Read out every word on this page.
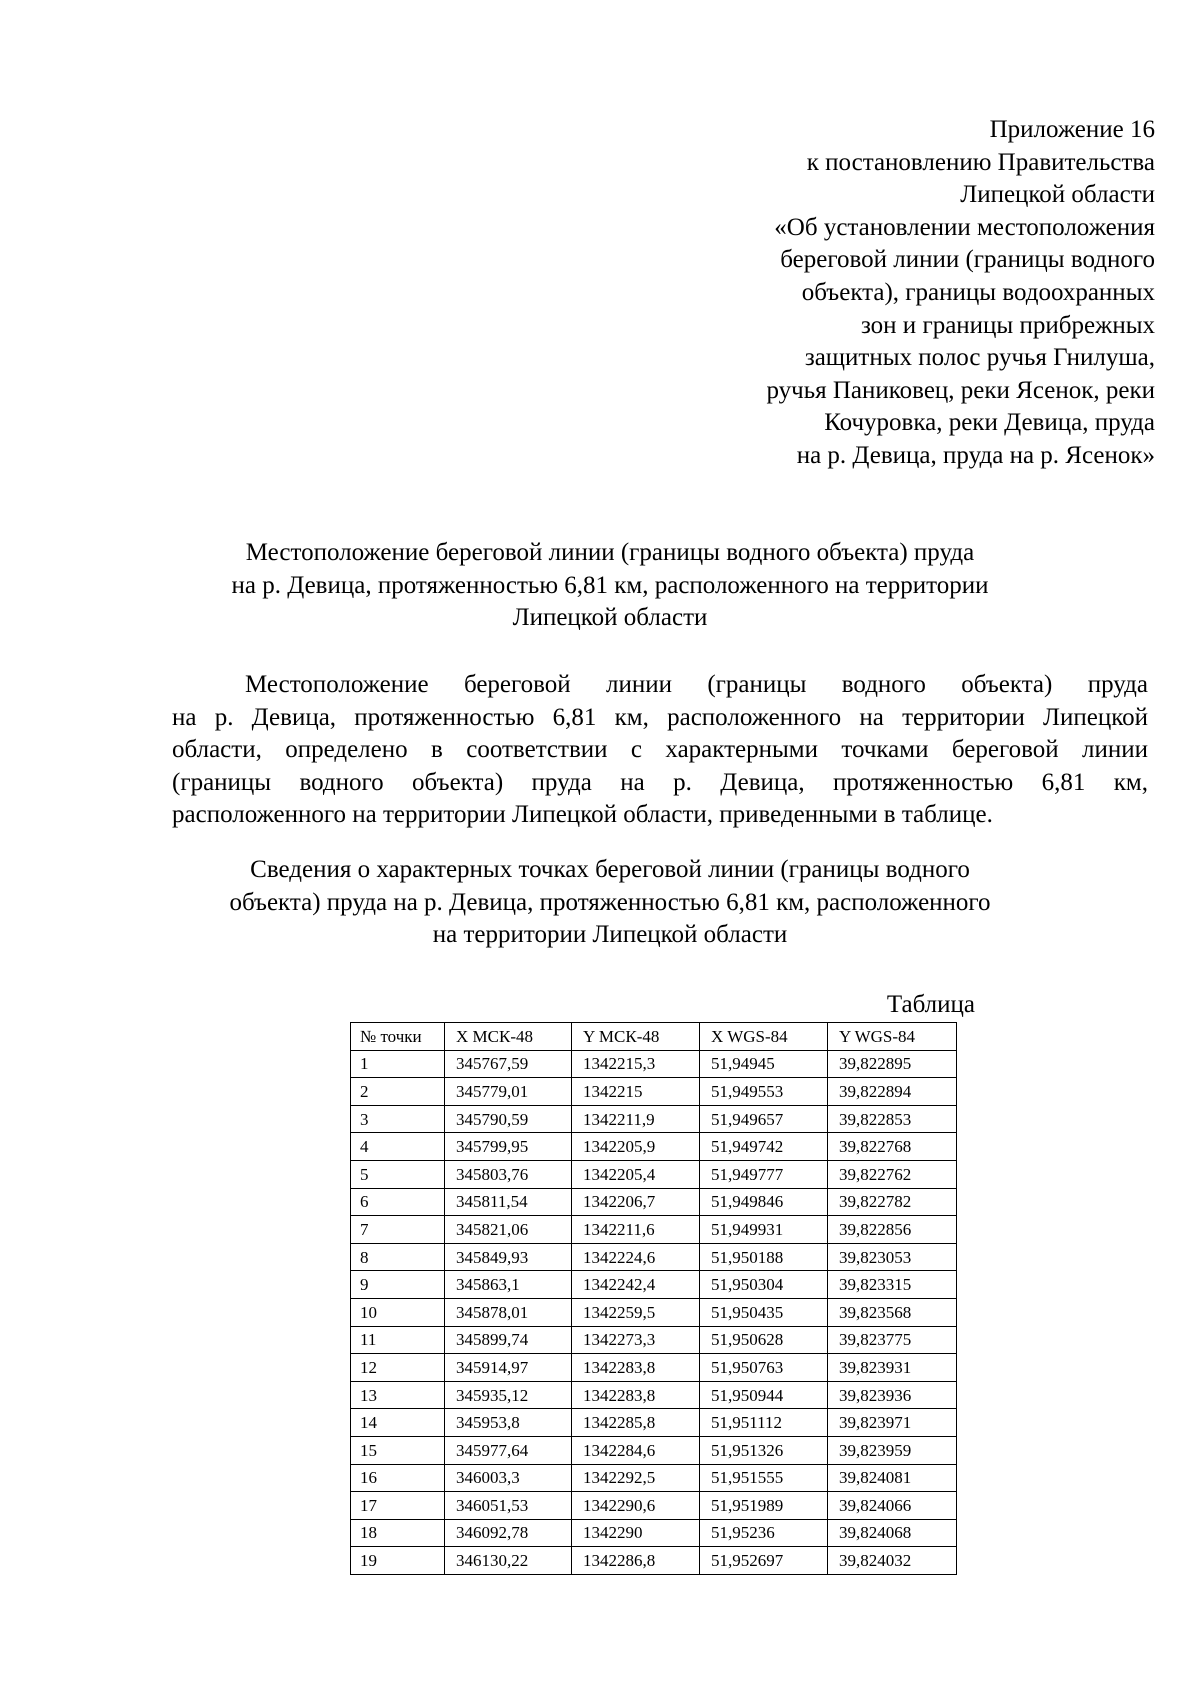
Приложение 16
к постановлению Правительства
Липецкой области
«Об установлении местоположения
береговой линии (границы водного
объекта), границы водоохранных
зон и границы прибрежных
защитных полос ручья Гнилуша,
ручья Паниковец, реки Ясенок, реки
Кочуровка, реки Девица, пруда
на р. Девица, пруда на р. Ясенок»
Местоположение береговой линии (границы водного объекта) пруда
на р. Девица, протяженностью 6,81 км, расположенного на территории
Липецкой области
Местоположение береговой линии (границы водного объекта) пруда
на р. Девица, протяженностью 6,81 км, расположенного на территории Липецкой
области, определено в соответствии с характерными точками береговой линии
(границы водного объекта) пруда на р. Девица, протяженностью 6,81 км,
расположенного на территории Липецкой области, приведенными в таблице.
Сведения о характерных точках береговой линии (границы водного
объекта) пруда на р. Девица, протяженностью 6,81 км, расположенного
на территории Липецкой области
Таблица
№ точки	X МСК-48	Y МСК-48	X WGS-84	Y WGS-84
1	345767,59	1342215,3	51,94945	39,822895
2	345779,01	1342215	51,949553	39,822894
3	345790,59	1342211,9	51,949657	39,822853
4	345799,95	1342205,9	51,949742	39,822768
5	345803,76	1342205,4	51,949777	39,822762
6	345811,54	1342206,7	51,949846	39,822782
7	345821,06	1342211,6	51,949931	39,822856
8	345849,93	1342224,6	51,950188	39,823053
9	345863,1	1342242,4	51,950304	39,823315
10	345878,01	1342259,5	51,950435	39,823568
11	345899,74	1342273,3	51,950628	39,823775
12	345914,97	1342283,8	51,950763	39,823931
13	345935,12	1342283,8	51,950944	39,823936
14	345953,8	1342285,8	51,951112	39,823971
15	345977,64	1342284,6	51,951326	39,823959
16	346003,3	1342292,5	51,951555	39,824081
17	346051,53	1342290,6	51,951989	39,824066
18	346092,78	1342290	51,95236	39,824068
19	346130,22	1342286,8	51,952697	39,824032
